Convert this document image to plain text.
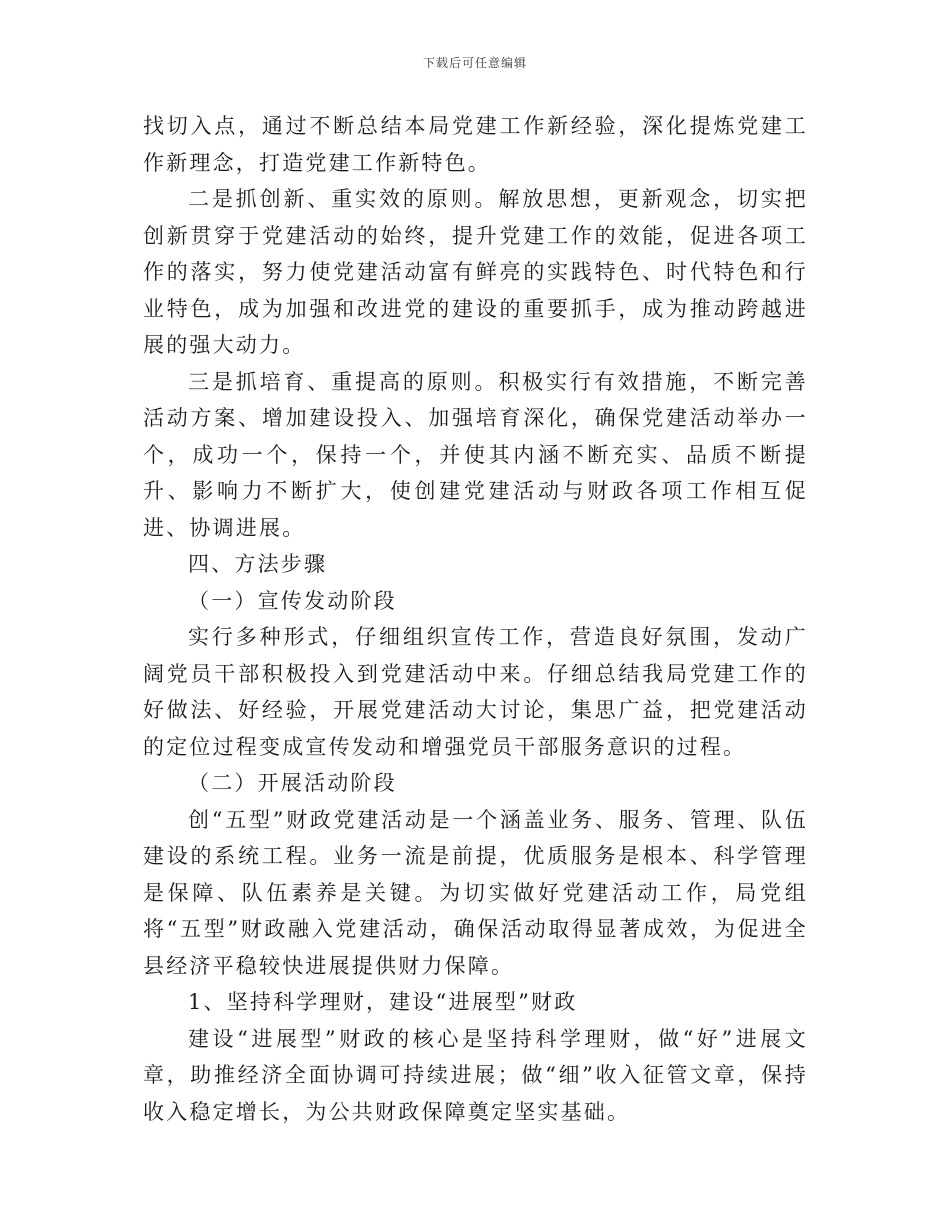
下载后可任意编辑

找切入点，通过不断总结本局党建工作新经验，深化提炼党建工作新理念，打造党建工作新特色。

二是抓创新、重实效的原则。解放思想，更新观念，切实把创新贯穿于党建活动的始终，提升党建工作的效能，促进各项工作的落实，努力使党建活动富有鲜亮的实践特色、时代特色和行业特色，成为加强和改进党的建设的重要抓手，成为推动跨越进展的强大动力。

三是抓培育、重提高的原则。积极实行有效措施，不断完善活动方案、增加建设投入、加强培育深化，确保党建活动举办一个，成功一个，保持一个，并使其内涵不断充实、品质不断提升、影响力不断扩大，使创建党建活动与财政各项工作相互促进、协调进展。

四、方法步骤

（一）宣传发动阶段

实行多种形式，仔细组织宣传工作，营造良好氛围，发动广阔党员干部积极投入到党建活动中来。仔细总结我局党建工作的好做法、好经验，开展党建活动大讨论，集思广益，把党建活动的定位过程变成宣传发动和增强党员干部服务意识的过程。

（二）开展活动阶段

创“五型”财政党建活动是一个涵盖业务、服务、管理、队伍建设的系统工程。业务一流是前提，优质服务是根本、科学管理是保障、队伍素养是关键。为切实做好党建活动工作，局党组将“五型”财政融入党建活动，确保活动取得显著成效，为促进全县经济平稳较快进展提供财力保障。

1、坚持科学理财，建设“进展型”财政

建设“进展型”财政的核心是坚持科学理财，做“好”进展文章，助推经济全面协调可持续进展；做“细”收入征管文章，保持收入稳定增长，为公共财政保障奠定坚实基础。
